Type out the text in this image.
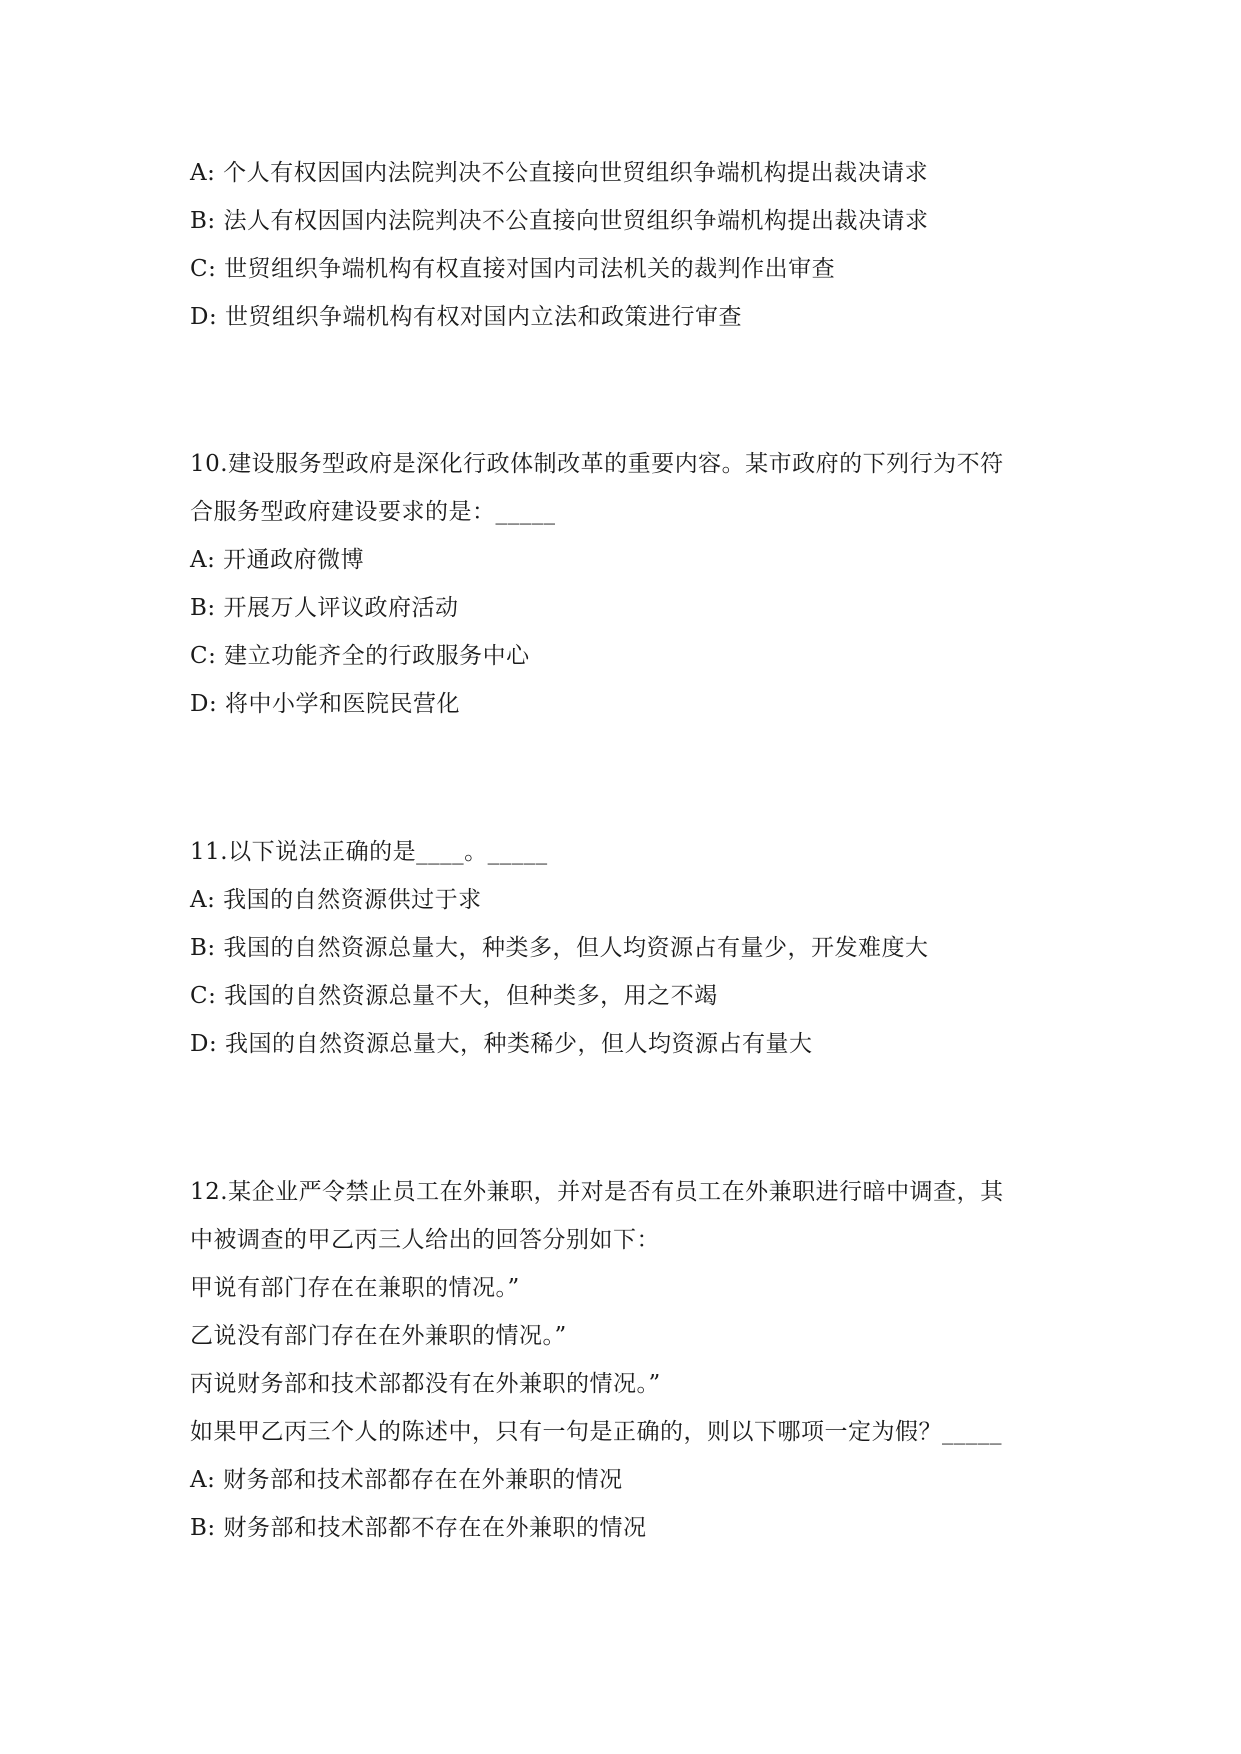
A: 个人有权因国内法院判决不公直接向世贸组织争端机构提出裁决请求
B: 法人有权因国内法院判决不公直接向世贸组织争端机构提出裁决请求
C: 世贸组织争端机构有权直接对国内司法机关的裁判作出审查
D: 世贸组织争端机构有权对国内立法和政策进行审查
10.建设服务型政府是深化行政体制改革的重要内容。某市政府的下列行为不符
合服务型政府建设要求的是：_____
A: 开通政府微博
B: 开展万人评议政府活动
C: 建立功能齐全的行政服务中心
D: 将中小学和医院民营化
11.以下说法正确的是____。_____
A: 我国的自然资源供过于求
B: 我国的自然资源总量大，种类多，但人均资源占有量少，开发难度大
C: 我国的自然资源总量不大，但种类多，用之不竭
D: 我国的自然资源总量大，种类稀少，但人均资源占有量大
12.某企业严令禁止员工在外兼职，并对是否有员工在外兼职进行暗中调查，其
中被调查的甲乙丙三人给出的回答分别如下：
甲说有部门存在在兼职的情况。”
乙说没有部门存在在外兼职的情况。”
丙说财务部和技术部都没有在外兼职的情况。”
如果甲乙丙三个人的陈述中，只有一句是正确的，则以下哪项一定为假？_____
A: 财务部和技术部都存在在外兼职的情况
B: 财务部和技术部都不存在在外兼职的情况
